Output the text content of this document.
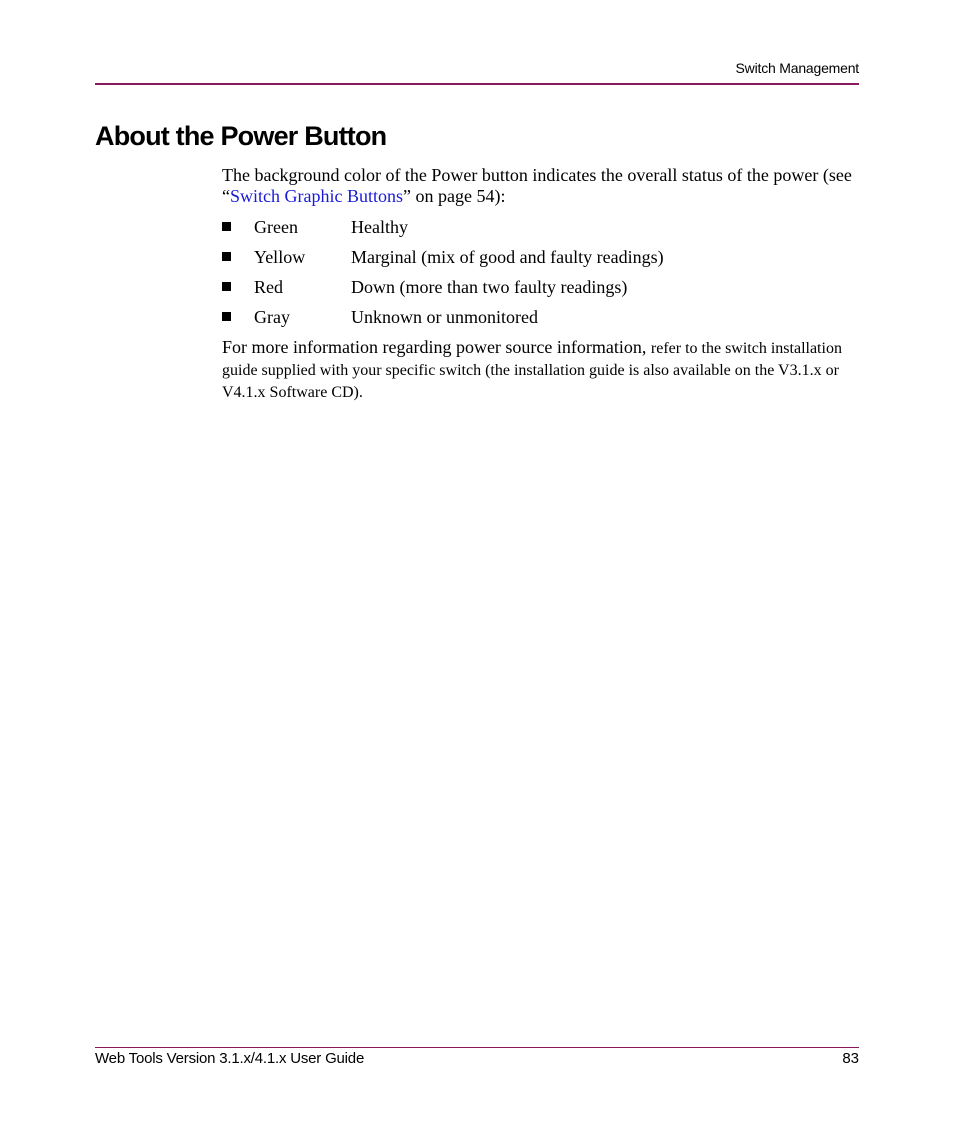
Switch Management
About the Power Button

The background color of the Power button indicates the overall status of the power (see “Switch Graphic Buttons” on page 54):

Green	Healthy
Yellow	Marginal (mix of good and faulty readings)
Red	Down (more than two faulty readings)
Gray	Unknown or unmonitored

For more information regarding power source information, refer to the switch installation guide supplied with your specific switch (the installation guide is also available on the V3.1.x or V4.1.x Software CD).

Web Tools Version 3.1.x/4.1.x User Guide	83
